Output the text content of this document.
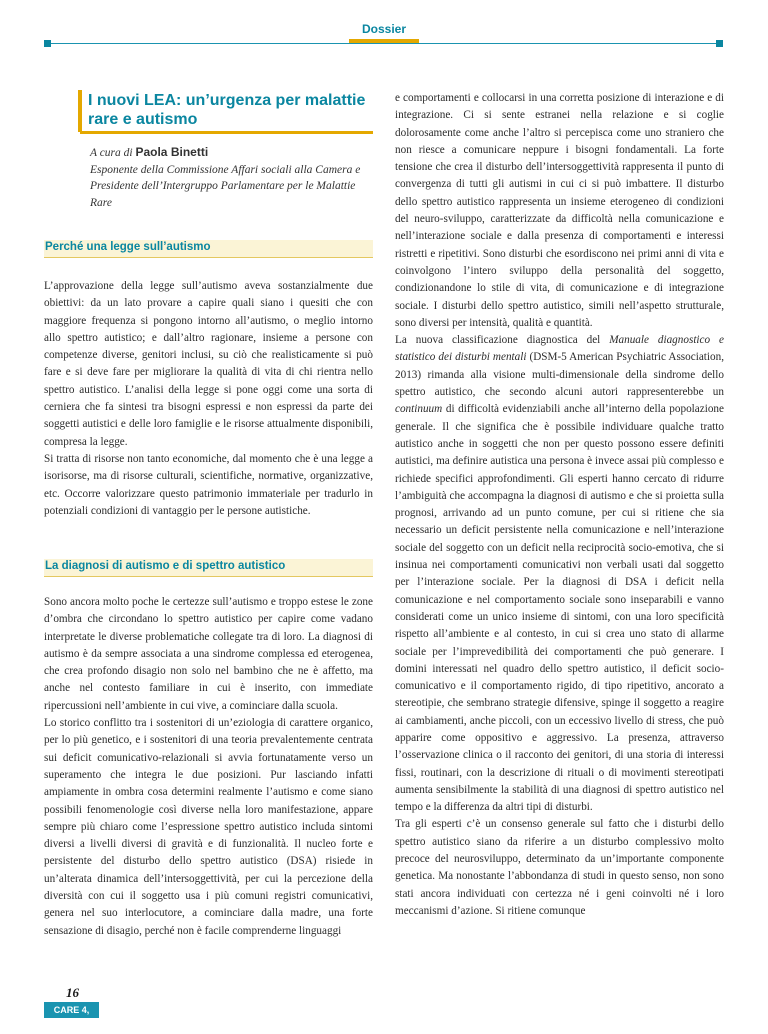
Dossier
I nuovi LEA: un’urgenza per malattie rare e autismo
A cura di Paola Binetti
Esponente della Commissione Affari sociali alla Camera e Presidente dell’Intergruppo Parlamentare per le Malattie Rare
Perché una legge sull’autismo

L’approvazione della legge sull’autismo aveva sostanzialmente due obiettivi: da un lato provare a capire quali siano i quesiti che con maggiore frequenza si pongono intorno all’autismo, o meglio intorno allo spettro autistico; e dall’altro ragionare, insieme a persone con competenze diverse, genitori inclusi, su ciò che realisticamente si può fare e si deve fare per migliorare la qualità di vita di chi rientra nello spettro autistico. L’analisi della legge si pone oggi come una sorta di cerniera che fa sintesi tra bisogni espressi e non espressi da parte dei soggetti autistici e delle loro famiglie e le risorse attualmente disponibili, compresa la legge.

Si tratta di risorse non tanto economiche, dal momento che è una legge a isorisorse, ma di risorse culturali, scientifiche, normative, organizzative, etc. Occorre valorizzare questo patrimonio immateriale per tradurlo in potenziali condizioni di vantaggio per le persone autistiche.

La diagnosi di autismo e di spettro autistico

Sono ancora molto poche le certezze sull’autismo e troppo estese le zone d’ombra che circondano lo spettro autistico per capire come vadano interpretate le diverse problematiche collegate tra di loro. La diagnosi di autismo è da sempre associata a una sindrome complessa ed eterogenea, che crea profondo disagio non solo nel bambino che ne è affetto, ma anche nel contesto familiare in cui è inserito, con immediate ripercussioni nell’ambiente in cui vive, a cominciare dalla scuola.

Lo storico conflitto tra i sostenitori di un’eziologia di carattere organico, per lo più genetico, e i sostenitori di una teoria prevalentemente centrata sui deficit comunicativo-relazionali si avvia fortunatamente verso un superamento che integra le due posizioni. Pur lasciando infatti ampiamente in ombra cosa determini realmente l’autismo e come siano possibili fenomenologie così diverse nella loro manifestazione, appare sempre più chiaro come l’espressione spettro autistico includa sintomi diversi a livelli diversi di gravità e di funzionalità. Il nucleo forte e persistente del disturbo dello spettro autistico (DSA) risiede in un’alterata dinamica dell’intersoggettività, per cui la percezione della diversità con cui il soggetto usa i più comuni registri comunicativi, genera nel suo interlocutore, a cominciare dalla madre, una forte sensazione di disagio, perché non è facile comprenderne linguaggi

e comportamenti e collocarsi in una corretta posizione di interazione e di integrazione. Ci si sente estranei nella relazione e si coglie dolorosamente come anche l’altro si percepisca come uno straniero che non riesce a comunicare neppure i bisogni fondamentali. La forte tensione che crea il disturbo dell’intersoggettività rappresenta il punto di convergenza di tutti gli autismi in cui ci si può imbattere. Il disturbo dello spettro autistico rappresenta un insieme eterogeneo di condizioni del neuro-sviluppo, caratterizzate da difficoltà nella comunicazione e nell’interazione sociale e dalla presenza di comportamenti e interessi ristretti e ripetitivi. Sono disturbi che esordiscono nei primi anni di vita e coinvolgono l’intero sviluppo della personalità del soggetto, condizionandone lo stile di vita, di comunicazione e di integrazione sociale. I disturbi dello spettro autistico, simili nell’aspetto strutturale, sono diversi per intensità, qualità e quantità.

La nuova classificazione diagnostica del Manuale diagnostico e statistico dei disturbi mentali (DSM-5 American Psychiatric Association, 2013) rimanda alla visione multi-dimensionale della sindrome dello spettro autistico, che secondo alcuni autori rappresenterebbe un continuum di difficoltà evidenziabili anche all’interno della popolazione generale. Il che significa che è possibile individuare qualche tratto autistico anche in soggetti che non per questo possono essere definiti autistici, ma definire autistica una persona è invece assai più complesso e richiede specifici approfondimenti. Gli esperti hanno cercato di ridurre l’ambiguità che accompagna la diagnosi di autismo e che si proietta sulla prognosi, arrivando ad un punto comune, per cui si ritiene che sia necessario un deficit persistente nella comunicazione e nell’interazione sociale del soggetto con un deficit nella reciprocità socio-emotiva, che si insinua nei comportamenti comunicativi non verbali usati dal soggetto per l’interazione sociale. Per la diagnosi di DSA i deficit nella comunicazione e nel comportamento sociale sono inseparabili e vanno considerati come un unico insieme di sintomi, con una loro specificità rispetto all’ambiente e al contesto, in cui si crea uno stato di allarme sociale per l’imprevedibilità dei comportamenti che può generare. I domini interessati nel quadro dello spettro autistico, il deficit socio-comunicativo e il comportamento rigido, di tipo ripetitivo, ancorato a stereotipie, che sembrano strategie difensive, spinge il soggetto a reagire ai cambiamenti, anche piccoli, con un eccessivo livello di stress, che può apparire come oppositivo e aggressivo. La presenza, attraverso l’osservazione clinica o il racconto dei genitori, di una storia di interessi fissi, routinari, con la descrizione di rituali o di movimenti stereotipati aumenta sensibilmente la stabilità di una diagnosi di spettro autistico nel tempo e la differenza da altri tipi di disturbi.

Tra gli esperti c’è un consenso generale sul fatto che i disturbi dello spettro autistico siano da riferire a un disturbo complessivo molto precoce del neurosviluppo, determinato da un’importante componente genetica. Ma nonostante l’abbondanza di studi in questo senso, non sono stati ancora individuati con certezza né i geni coinvolti né i loro meccanismi d’azione. Si ritiene comunque

16
CARE 4, 2016
